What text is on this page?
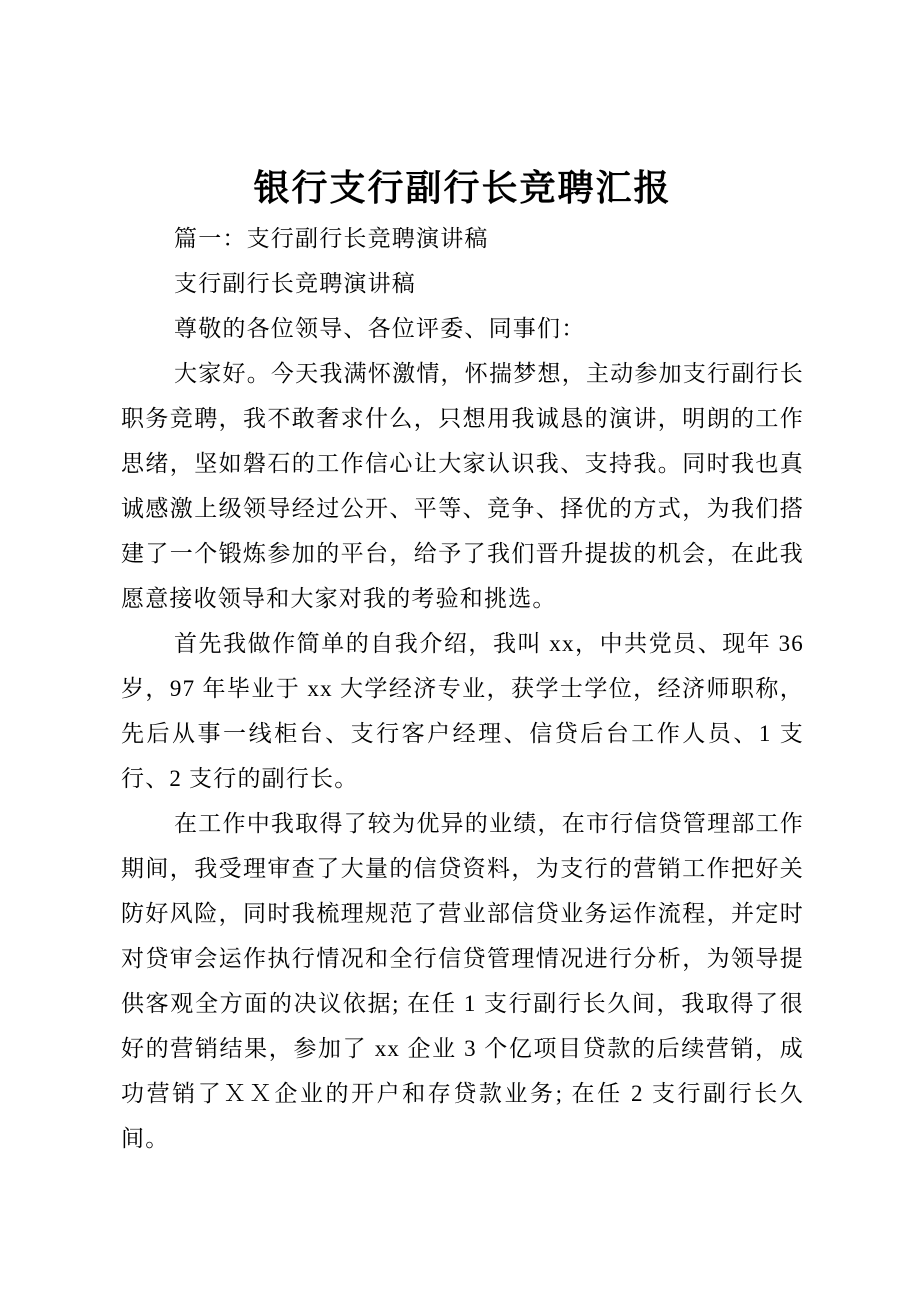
银行支行副行长竞聘汇报

篇一：支行副行长竞聘演讲稿

支行副行长竞聘演讲稿

尊敬的各位领导、各位评委、同事们：

大家好。今天我满怀激情，怀揣梦想，主动参加支行副行长职务竞聘，我不敢奢求什么，只想用我诚恳的演讲，明朗的工作思绪，坚如磐石的工作信心让大家认识我、支持我。同时我也真诚感激上级领导经过公开、平等、竞争、择优的方式，为我们搭建了一个锻炼参加的平台，给予了我们晋升提拔的机会，在此我愿意接收领导和大家对我的考验和挑选。

首先我做作简单的自我介绍，我叫 xx，中共党员、现年 36 岁，97 年毕业于 xx 大学经济专业，获学士学位，经济师职称，先后从事一线柜台、支行客户经理、信贷后台工作人员、1 支行、2 支行的副行长。

在工作中我取得了较为优异的业绩，在市行信贷管理部工作期间，我受理审查了大量的信贷资料，为支行的营销工作把好关防好风险，同时我梳理规范了营业部信贷业务运作流程，并定时对贷审会运作执行情况和全行信贷管理情况进行分析，为领导提供客观全方面的决议依据; 在任 1 支行副行长久间，我取得了很好的营销结果，参加了 xx 企业 3 个亿项目贷款的后续营销，成功营销了ＸＸ企业的开户和存贷款业务; 在任 2 支行副行长久间。
